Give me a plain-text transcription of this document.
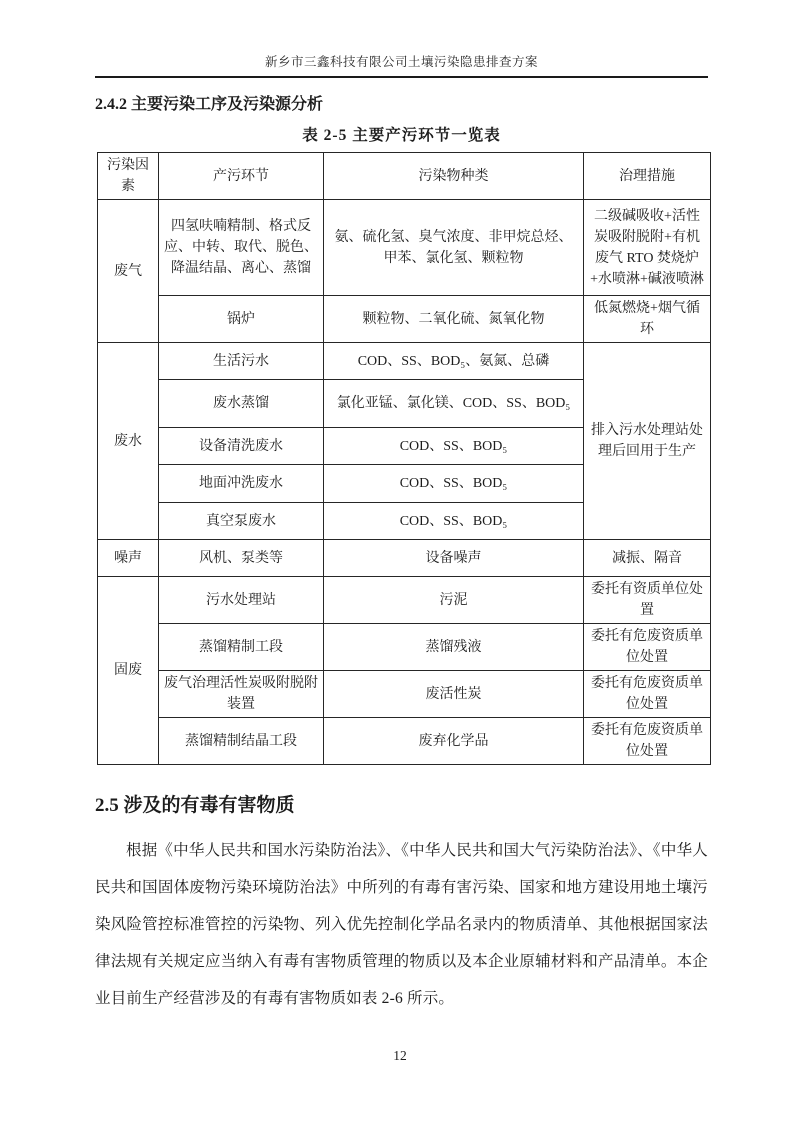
新乡市三鑫科技有限公司土壤污染隐患排查方案
2.4.2 主要污染工序及污染源分析
表 2-5 主要产污环节一览表
污染因素	产污环节	污染物种类	治理措施
废气	四氢呋喃精制、格式反应、中转、取代、脱色、降温结晶、离心、蒸馏	氨、硫化氢、臭气浓度、非甲烷总烃、甲苯、氯化氢、颗粒物	二级碱吸收+活性炭吸附脱附+有机废气 RTO 焚烧炉+水喷淋+碱液喷淋
	锅炉	颗粒物、二氧化硫、氮氧化物	低氮燃烧+烟气循环
废水	生活污水	COD、SS、BOD₅、氨氮、总磷	排入污水处理站处理后回用于生产
	废水蒸馏	氯化亚锰、氯化镁、COD、SS、BOD₅	
	设备清洗废水	COD、SS、BOD₅	
	地面冲洗废水	COD、SS、BOD₅	
	真空泵废水	COD、SS、BOD₅	
噪声	风机、泵类等	设备噪声	减振、隔音
固废	污水处理站	污泥	委托有资质单位处置
	蒸馏精制工段	蒸馏残液	委托有危废资质单位处置
	废气治理活性炭吸附脱附装置	废活性炭	委托有危废资质单位处置
	蒸馏精制结晶工段	废弃化学品	委托有危废资质单位处置
2.5 涉及的有毒有害物质
根据《中华人民共和国水污染防治法》、《中华人民共和国大气污染防治法》、《中华人民共和国固体废物污染环境防治法》中所列的有毒有害污染、国家和地方建设用地土壤污染风险管控标准管控的污染物、列入优先控制化学品名录内的物质清单、其他根据国家法律法规有关规定应当纳入有毒有害物质管理的物质以及本企业原辅材料和产品清单。本企业目前生产经营涉及的有毒有害物质如表 2-6 所示。
12
